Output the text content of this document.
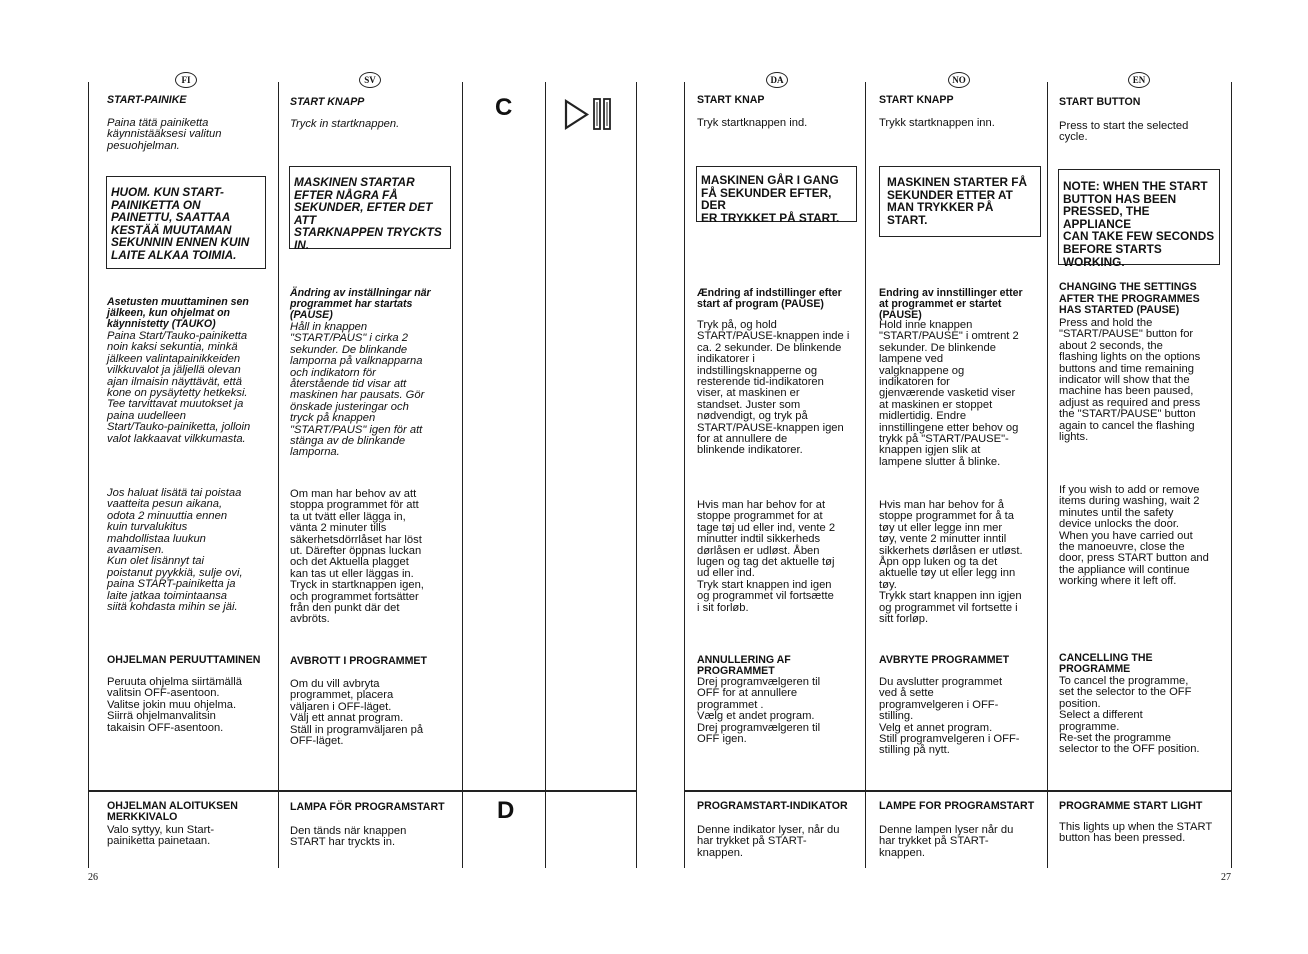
FI	SV	DA	NO	EN
C
D
26	27
START-PAINIKE

Paina tätä painiketta
käynnistääksesi valitun
pesuohjelman.

HUOM. KUN START-
PAINIKETTA ON
PAINETTU, SAATTAA
KESTÄÄ MUUTAMAN
SEKUNNIN ENNEN KUIN
LAITE ALKAA TOIMIA.

Asetusten muuttaminen sen
jälkeen, kun ohjelmat on
käynnistetty (TAUKO)

Paina Start/Tauko-painiketta
noin kaksi sekuntia, minkä
jälkeen valintapainikkeiden
vilkkuvalot ja jäljellä olevan
ajan ilmaisin näyttävät, että
kone on pysäytetty hetkeksi.
Tee tarvittavat muutokset ja
paina uudelleen
Start/Tauko-painiketta, jolloin
valot lakkaavat vilkkumasta.

Jos haluat lisätä tai poistaa
vaatteita pesun aikana,
odota 2 minuuttia ennen
kuin turvalukitus
mahdollistaa luukun
avaamisen.
Kun olet lisännyt tai
poistanut pyykkiä, sulje ovi,
paina START-painiketta ja
laite jatkaa toimintaansa
siitä kohdasta mihin se jäi.

OHJELMAN PERUUTTAMINEN

Peruuta ohjelma siirtämällä
valitsin OFF-asentoon.
Valitse jokin muu ohjelma.
Siirrä ohjelmanvalitsin
takaisin OFF-asentoon.

OHJELMAN ALOITUKSEN
MERKKIVALO

Valo syttyy, kun Start-
painiketta painetaan.

START KNAPP

Tryck in startknappen.

MASKINEN STARTAR
EFTER NÅGRA FÅ
SEKUNDER, EFTER DET ATT
STARKNAPPEN TRYCKTS
IN.

Ändring av inställningar när
programmet har startats
(PAUSE)

Håll in knappen
"START/PAUS" i cirka 2
sekunder. De blinkande
lamporna på valknapparna
och indikatorn för
återstående tid visar att
maskinen har pausats. Gör
önskade justeringar och
tryck på knappen
"START/PAUS" igen för att
stänga av de blinkande
lamporna.

Om man har behov av att
stoppa programmet för att
ta ut tvätt eller lägga in,
vänta 2 minuter tills
säkerhetsdörrlåset har löst
ut. Därefter öppnas luckan
och det Aktuella plagget
kan tas ut eller läggas in.
Tryck in startknappen igen,
och programmet fortsätter
från den punkt där det
avbröts.

AVBROTT I PROGRAMMET

Om du vill avbryta
programmet, placera
väljaren i OFF-läget.
Välj ett annat program.
Ställ in programväljaren på
OFF-läget.

LAMPA FÖR PROGRAMSTART

Den tänds när knappen
START har tryckts in.

START KNAP

Tryk startknappen ind.

MASKINEN GÅR I GANG
FÅ SEKUNDER EFTER, DER
ER TRYKKET PÅ START.

Ændring af indstillinger efter
start af program (PAUSE)

Tryk på, og hold
START/PAUSE-knappen inde i
ca. 2 sekunder. De blinkende
indikatorer i
indstillingsknapperne og
resterende tid-indikatoren
viser, at maskinen er
standset. Juster som
nødvendigt, og tryk på
START/PAUSE-knappen igen
for at annullere de
blinkende indikatorer.

Hvis man har behov for at
stoppe programmet for at
tage tøj ud eller ind, vente 2
minutter indtil sikkerheds
dørlåsen er udløst. Åben
lugen og tag det aktuelle tøj
ud eller ind.
Tryk start knappen ind igen
og programmet vil fortsætte
i sit forløb.

ANNULLERING AF
PROGRAMMET

Drej programvælgeren til
OFF for at annullere
programmet .
Vælg et andet program.
Drej programvælgeren til
OFF igen.

PROGRAMSTART-INDIKATOR

Denne indikator lyser, når du
har trykket på START-
knappen.

START KNAPP

Trykk startknappen inn.

MASKINEN STARTER FÅ
SEKUNDER ETTER AT
MAN TRYKKER PÅ
START.

Endring av innstillinger etter
at programmet er startet
(PAUSE)

Hold inne knappen
"START/PAUSE" i omtrent 2
sekunder. De blinkende
lampene ved
valgknappene og
indikatoren for
gjenværende vasketid viser
at maskinen er stoppet
midlertidig. Endre
innstillingene etter behov og
trykk på "START/PAUSE"-
knappen igjen slik at
lampene slutter å blinke.

Hvis man har behov for å
stoppe programmet for å ta
tøy ut eller legge inn mer
tøy, vente 2 minutter inntil
sikkerhets dørlåsen er utløst.
Åpn opp luken og ta det
aktuelle tøy ut eller legg inn
tøy.
Trykk start knappen inn igjen
og programmet vil fortsette i
sitt forløp.

AVBRYTE PROGRAMMET

Du avslutter programmet
ved å sette
programvelgeren i OFF-
stilling.
Velg et annet program.
Still programvelgeren i OFF-
stilling på nytt.

LAMPE FOR PROGRAMSTART

Denne lampen lyser når du
har trykket på START-
knappen.

START BUTTON

Press to start the selected
cycle.

NOTE: WHEN THE START
BUTTON HAS BEEN
PRESSED, THE APPLIANCE
CAN TAKE FEW SECONDS
BEFORE STARTS
WORKING.

CHANGING THE SETTINGS
AFTER THE PROGRAMMES
HAS STARTED (PAUSE)

Press and hold the
"START/PAUSE" button for
about 2 seconds, the
flashing lights on the options
buttons and time remaining
indicator will show that the
machine has been paused,
adjust as required and press
the "START/PAUSE" button
again to cancel the flashing
lights.

If you wish to add or remove
items during washing, wait 2
minutes until the safety
device unlocks the door.
When you have carried out
the manoeuvre, close the
door, press START button and
the appliance will continue
working where it left off.

CANCELLING THE
PROGRAMME

To cancel the programme,
set the selector to the OFF
position.
Select a different
programme.
Re-set the programme
selector to the OFF position.

PROGRAMME START LIGHT

This lights up when the START
button has been pressed.
